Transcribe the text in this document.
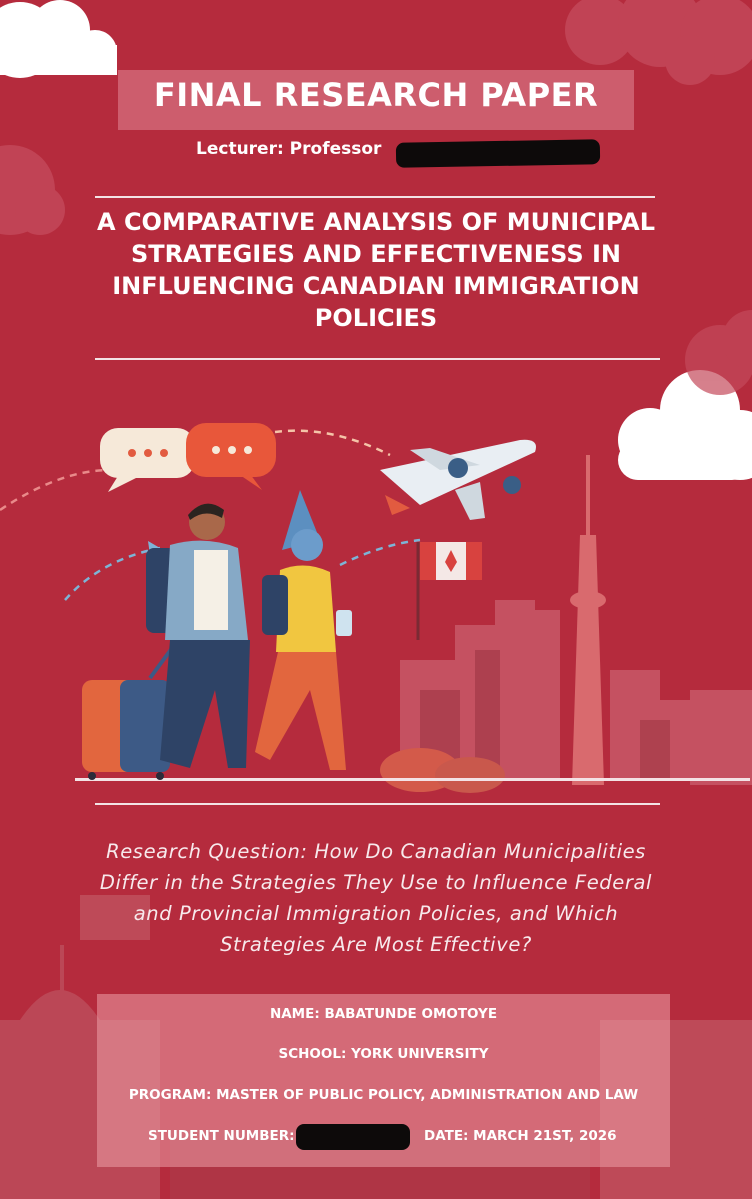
FINAL RESEARCH PAPER
Lecturer: Professor
A COMPARATIVE ANALYSIS OF MUNICIPAL
STRATEGIES AND EFFECTIVENESS IN
INFLUENCING CANADIAN IMMIGRATION
POLICIES
Research Question: How Do Canadian Municipalities
Differ in the Strategies They Use to Influence Federal
and Provincial Immigration Policies, and Which
Strategies Are Most Effective?
NAME: BABATUNDE OMOTOYE
SCHOOL: YORK UNIVERSITY
PROGRAM: MASTER OF PUBLIC POLICY, ADMINISTRATION AND LAW
STUDENT NUMBER:	DATE: MARCH 21ST, 2026
